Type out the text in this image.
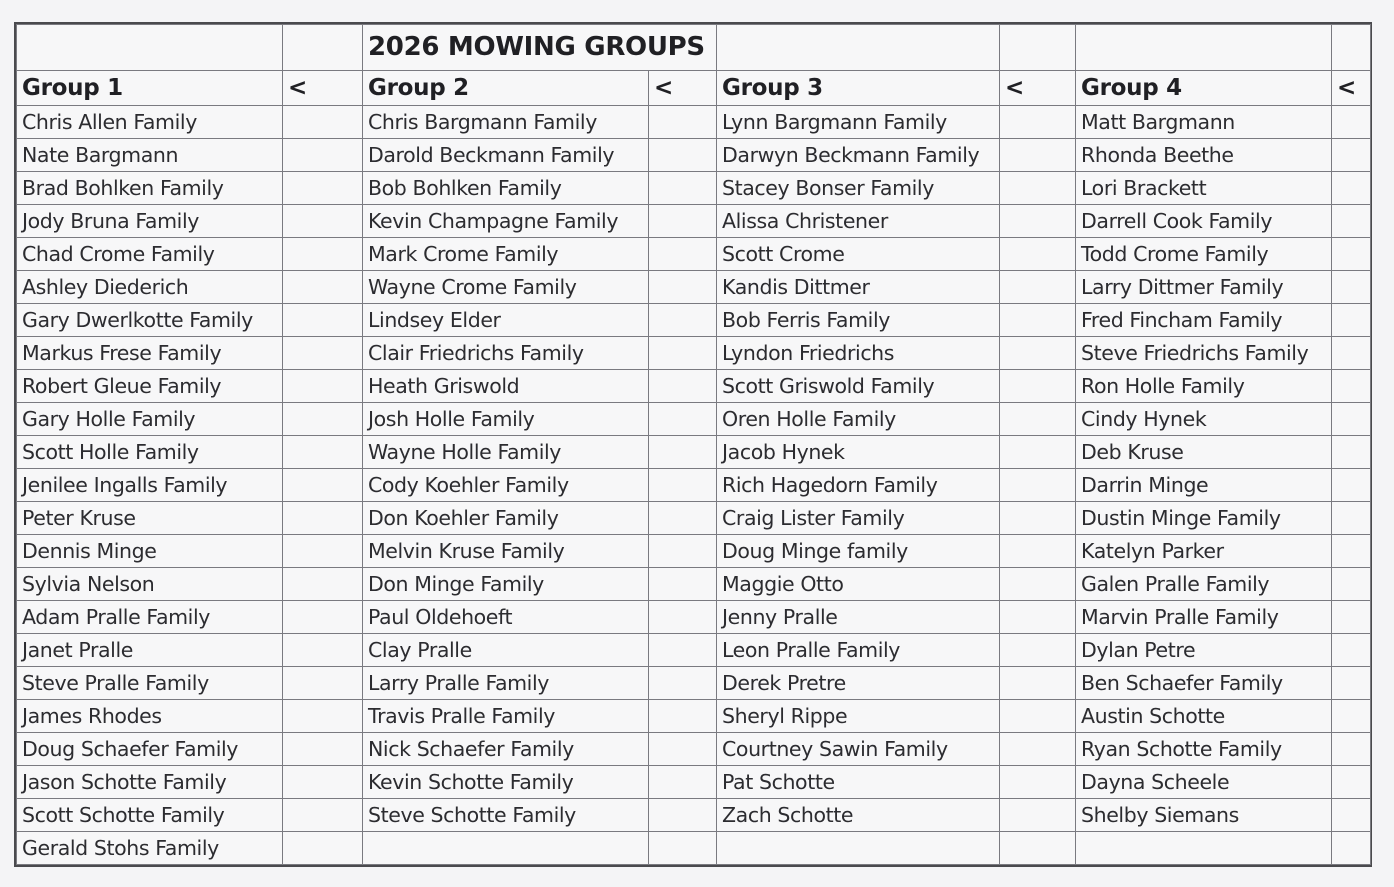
		2026 MOWING GROUPS					
Group 1	<	Group 2	<	Group 3	<	Group 4	<
Chris Allen Family		Chris Bargmann Family		Lynn Bargmann Family		Matt Bargmann	
Nate Bargmann		Darold Beckmann Family		Darwyn Beckmann Family		Rhonda Beethe	
Brad Bohlken Family		Bob Bohlken Family		Stacey Bonser Family		Lori Brackett	
Jody Bruna Family		Kevin Champagne Family		Alissa Christener		Darrell Cook Family	
Chad Crome Family		Mark Crome Family		Scott Crome		Todd Crome Family	
Ashley Diederich		Wayne Crome Family		Kandis Dittmer		Larry Dittmer Family	
Gary Dwerlkotte Family		Lindsey Elder		Bob Ferris Family		Fred Fincham Family	
Markus Frese Family		Clair Friedrichs Family		Lyndon Friedrichs		Steve Friedrichs Family	
Robert Gleue Family		Heath Griswold		Scott Griswold Family		Ron Holle Family	
Gary Holle Family		Josh Holle Family		Oren Holle Family		Cindy Hynek	
Scott Holle Family		Wayne Holle Family		Jacob Hynek		Deb Kruse	
Jenilee Ingalls Family		Cody Koehler Family		Rich Hagedorn Family		Darrin Minge	
Peter Kruse		Don Koehler Family		Craig Lister Family		Dustin Minge Family	
Dennis Minge		Melvin Kruse Family		Doug Minge family		Katelyn Parker	
Sylvia Nelson		Don Minge Family		Maggie Otto		Galen Pralle Family	
Adam Pralle Family		Paul Oldehoeft		Jenny Pralle		Marvin Pralle Family	
Janet Pralle		Clay Pralle		Leon Pralle Family		Dylan Petre	
Steve Pralle Family		Larry Pralle Family		Derek Pretre		Ben Schaefer Family	
James Rhodes		Travis Pralle Family		Sheryl Rippe		Austin Schotte	
Doug Schaefer Family		Nick Schaefer Family		Courtney Sawin Family		Ryan Schotte Family	
Jason Schotte Family		Kevin Schotte Family		Pat Schotte		Dayna Scheele	
Scott Schotte Family		Steve Schotte Family		Zach Schotte		Shelby Siemans	
Gerald Stohs Family							
